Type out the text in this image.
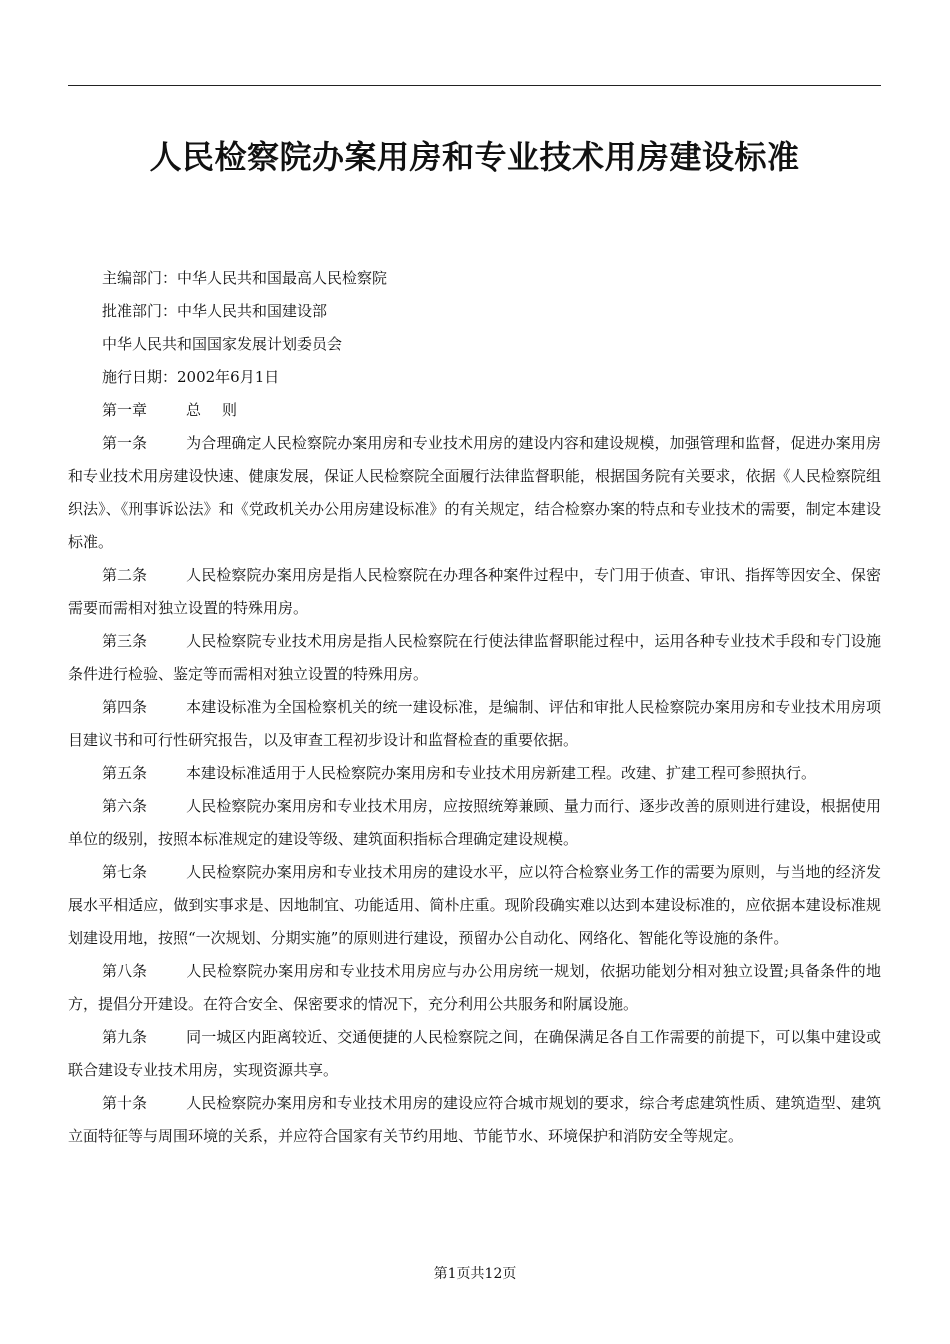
人民检察院办案用房和专业技术用房建设标准

主编部门：中华人民共和国最高人民检察院

批准部门：中华人民共和国建设部

中华人民共和国国家发展计划委员会

施行日期：2002年6月1日

第一章	总则

第一条	为合理确定人民检察院办案用房和专业技术用房的建设内容和建设规模，加强管理和监督，促进办案用房和专业技术用房建设快速、健康发展，保证人民检察院全面履行法律监督职能，根据国务院有关要求，依据《人民检察院组织法》、《刑事诉讼法》和《党政机关办公用房建设标准》的有关规定，结合检察办案的特点和专业技术的需要，制定本建设标准。

第二条	人民检察院办案用房是指人民检察院在办理各种案件过程中，专门用于侦查、审讯、指挥等因安全、保密需要而需相对独立设置的特殊用房。

第三条	人民检察院专业技术用房是指人民检察院在行使法律监督职能过程中，运用各种专业技术手段和专门设施条件进行检验、鉴定等而需相对独立设置的特殊用房。

第四条	本建设标准为全国检察机关的统一建设标准，是编制、评估和审批人民检察院办案用房和专业技术用房项目建议书和可行性研究报告，以及审查工程初步设计和监督检查的重要依据。

第五条	本建设标准适用于人民检察院办案用房和专业技术用房新建工程。改建、扩建工程可参照执行。

第六条	人民检察院办案用房和专业技术用房，应按照统筹兼顾、量力而行、逐步改善的原则进行建设，根据使用单位的级别，按照本标准规定的建设等级、建筑面积指标合理确定建设规模。

第七条	人民检察院办案用房和专业技术用房的建设水平，应以符合检察业务工作的需要为原则，与当地的经济发展水平相适应，做到实事求是、因地制宜、功能适用、简朴庄重。现阶段确实难以达到本建设标准的，应依据本建设标准规划建设用地，按照“一次规划、分期实施”的原则进行建设，预留办公自动化、网络化、智能化等设施的条件。

第八条	人民检察院办案用房和专业技术用房应与办公用房统一规划，依据功能划分相对独立设置;具备条件的地方，提倡分开建设。在符合安全、保密要求的情况下，充分利用公共服务和附属设施。

第九条	同一城区内距离较近、交通便捷的人民检察院之间，在确保满足各自工作需要的前提下，可以集中建设或联合建设专业技术用房，实现资源共享。

第十条	人民检察院办案用房和专业技术用房的建设应符合城市规划的要求，综合考虑建筑性质、建筑造型、建筑立面特征等与周围环境的关系，并应符合国家有关节约用地、节能节水、环境保护和消防安全等规定。

第1页共12页
